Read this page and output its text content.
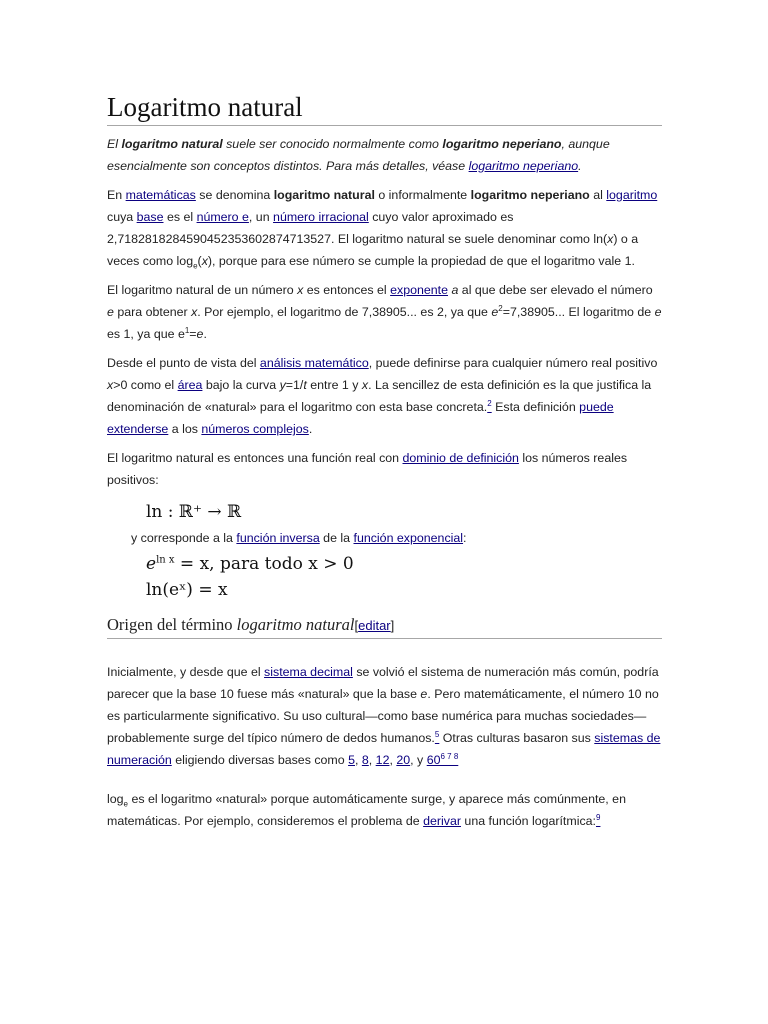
Logaritmo natural

El logaritmo natural suele ser conocido normalmente como logaritmo neperiano, aunque esencialmente son conceptos distintos. Para más detalles, véase logaritmo neperiano.

En matemáticas se denomina logaritmo natural o informalmente logaritmo neperiano al logaritmo cuya base es el número e, un número irracional cuyo valor aproximado es 2,71828182845904523536028747135​27. El logaritmo natural se suele denominar como ln(x) o a veces como $\log_e(x)$, porque para ese número se cumple la propiedad de que el logaritmo vale 1.

El logaritmo natural de un número x es entonces el exponente a al que debe ser elevado el número e para obtener x. Por ejemplo, el logaritmo de 7,38905... es 2, ya que $e^2=7,38905$... El logaritmo de e es 1, ya que $e^1=e$.

Desde el punto de vista del análisis matemático, puede definirse para cualquier número real positivo x>0 como el área bajo la curva y=1/t entre 1 y x. La sencillez de esta definición es la que justifica la denominación de «natural» para el logaritmo con esta base concreta.$^2$ Esta definición puede extenderse a los números complejos.

El logaritmo natural es entonces una función real con dominio de definición los números reales positivos:

ln : ℝ⁺ → ℝ

y corresponde a la función inversa de la función exponencial:

$e^{ln x} = x$, para todo x > 0
ln(eˣ) = x
Origen del término logaritmo natural[editar]

Inicialmente, y desde que el sistema decimal se volvió el sistema de numeración más común, podría parecer que la base 10 fuese más «natural» que la base e. Pero matemáticamente, el número 10 no es particularmente significativo. Su uso cultural—como base numérica para muchas sociedades—probablemente surge del típico número de dedos humanos.$^5$ Otras culturas basaron sus sistemas de numeración eligiendo diversas bases como 5, 8, 12, 20, y 60$^{6 7 8}$

$\log_e$ es el logaritmo «natural» porque automáticamente surge, y aparece más comúnmente, en matemáticas. Por ejemplo, consideremos el problema de derivar una función logarítmica:$^9$
